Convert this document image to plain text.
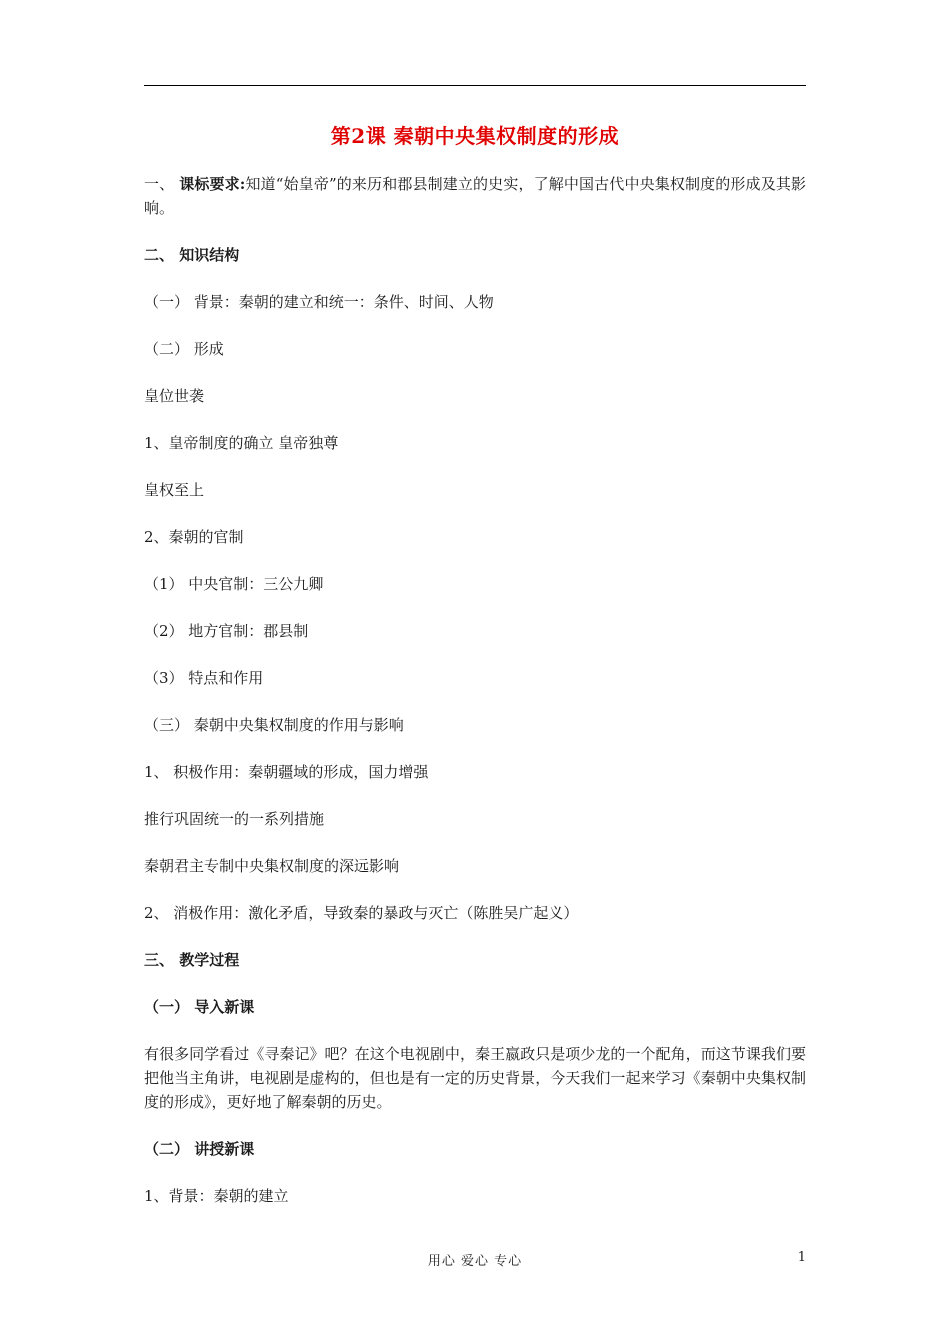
第2课 秦朝中央集权制度的形成

一、 课标要求:知道“始皇帝”的来历和郡县制建立的史实，了解中国古代中央集权制度的形成及其影响。

二、 知识结构

（一） 背景：秦朝的建立和统一：条件、时间、人物

（二） 形成

皇位世袭

1、皇帝制度的确立 皇帝独尊

皇权至上

2、秦朝的官制

（1） 中央官制：三公九卿

（2） 地方官制：郡县制

（3） 特点和作用

（三） 秦朝中央集权制度的作用与影响

1、 积极作用：秦朝疆域的形成，国力增强

推行巩固统一的一系列措施

秦朝君主专制中央集权制度的深远影响

2、 消极作用：激化矛盾，导致秦的暴政与灭亡（陈胜吴广起义）

三、 教学过程

（一） 导入新课

有很多同学看过《寻秦记》吧？在这个电视剧中，秦王嬴政只是项少龙的一个配角，而这节课我们要把他当主角讲，电视剧是虚构的，但也是有一定的历史背景，今天我们一起来学习《秦朝中央集权制度的形成》，更好地了解秦朝的历史。

（二） 讲授新课

1、背景：秦朝的建立

用心 爱心 专心	1
